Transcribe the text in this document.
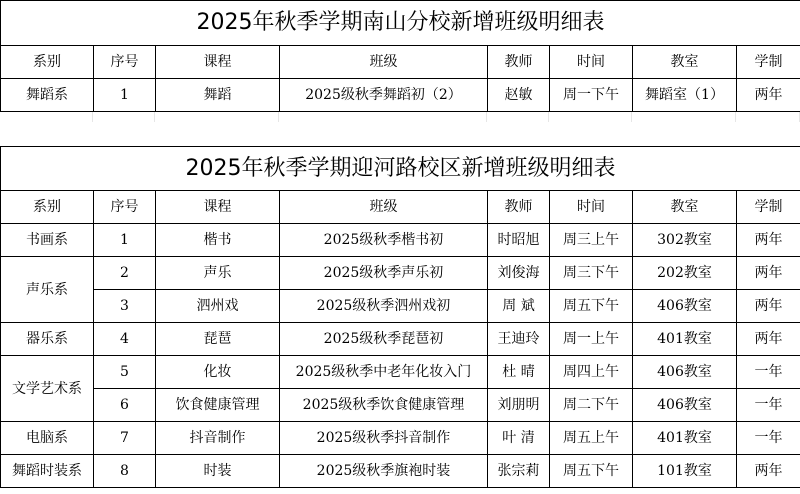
2025年秋季学期南山分校新增班级明细表							
系别	序号	课程	班级	教师	时间	教室	学制
舞蹈系	1	舞蹈	2025级秋季舞蹈初（2）	赵敏	周一下午	舞蹈室（1）	两年
2025年秋季学期迎河路校区新增班级明细表							
系别	序号	课程	班级	教师	时间	教室	学制
书画系	1	楷书	2025级秋季楷书初	时昭旭	周三上午	302教室	两年
声乐系	2	声乐	2025级秋季声乐初	刘俊海	周三下午	202教室	两年
	3	泗州戏	2025级秋季泗州戏初	周 斌	周五下午	406教室	两年
器乐系	4	琵琶	2025级秋季琵琶初	王迪玲	周一上午	401教室	两年
文学艺术系	5	化妆	2025级秋季中老年化妆入门	杜 晴	周四上午	406教室	一年
	6	饮食健康管理	2025级秋季饮食健康管理	刘朋明	周二下午	406教室	一年
电脑系	7	抖音制作	2025级秋季抖音制作	叶 清	周五上午	401教室	一年
舞蹈时装系	8	时装	2025级秋季旗袍时装	张宗莉	周五下午	101教室	两年
